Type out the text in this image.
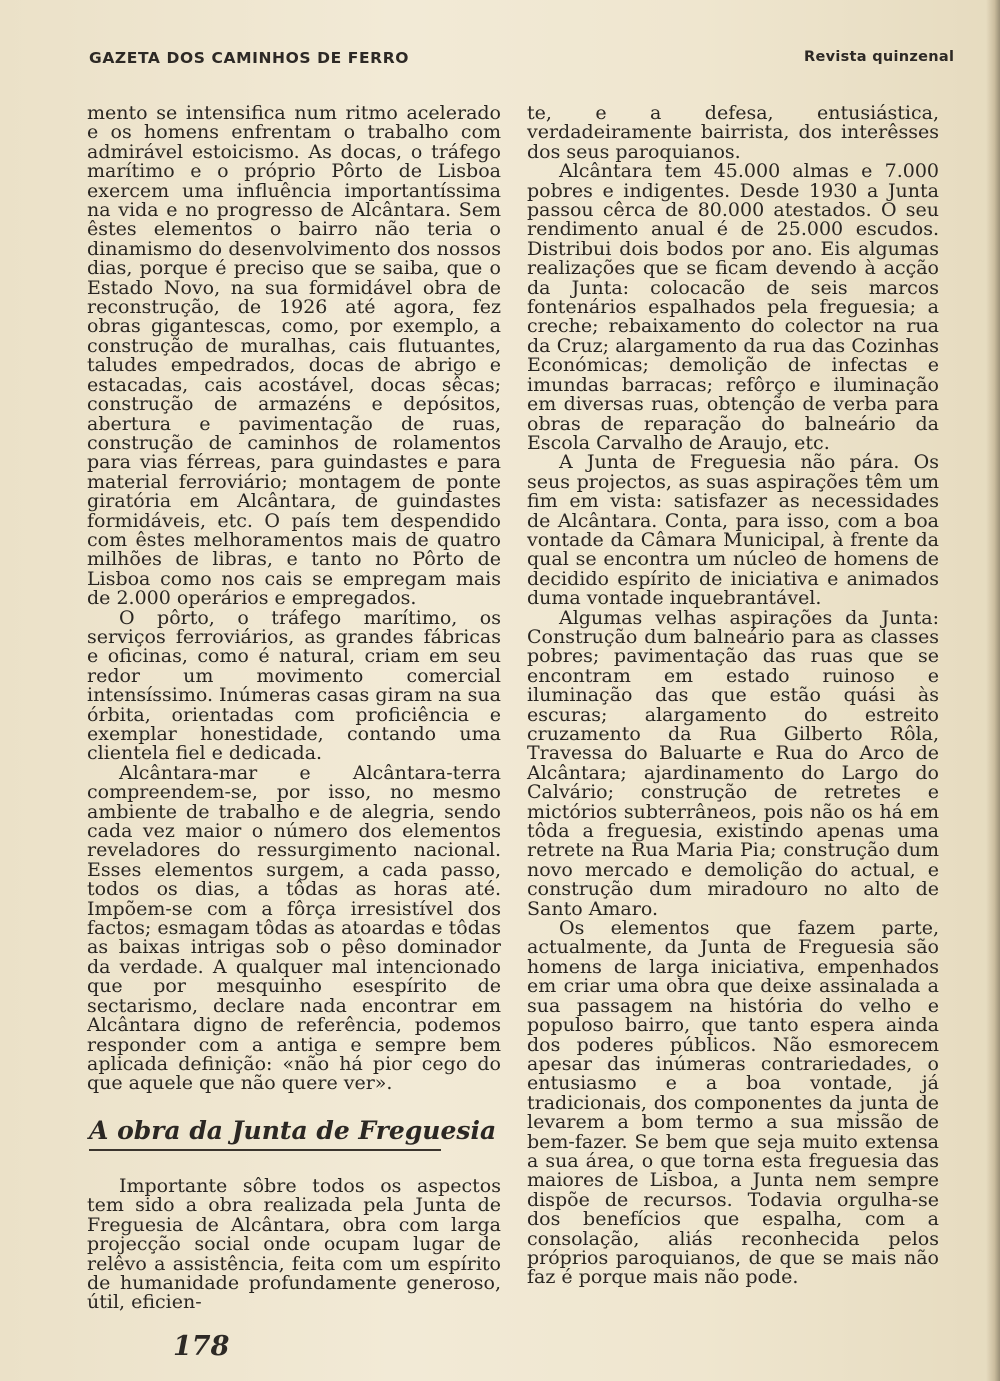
GAZETA DOS CAMINHOS DE FERRO	Revista quinzenal

mento se intensifica num ritmo acelerado e os homens enfrentam o trabalho com admirável estoicismo. As docas, o tráfego marítimo e o próprio Pôrto de Lisboa exercem uma influência importantíssima na vida e no progresso de Alcântara. Sem êstes elementos o bairro não teria o dinamismo do desenvolvimento dos nossos dias, porque é preciso que se saiba, que o Estado Novo, na sua formidável obra de reconstrução, de 1926 até agora, fez obras gigantescas, como, por exemplo, a construção de muralhas, cais flutuantes, taludes empedrados, docas de abrigo e estacadas, cais acostável, docas sêcas; construção de armazéns e depósitos, abertura e pavimentação de ruas, construção de caminhos de rolamentos para vias férreas, para guindastes e para material ferroviário; montagem de ponte giratória em Alcântara, de guindastes formidáveis, etc. O país tem despendido com êstes melhoramentos mais de quatro milhões de libras, e tanto no Pôrto de Lisboa como nos cais se empregam mais de 2.000 operários e empregados.

O pôrto, o tráfego marítimo, os serviços ferroviários, as grandes fábricas e oficinas, como é natural, criam em seu redor um movimento comercial intensíssimo. Inúmeras casas giram na sua órbita, orientadas com proficiência e exemplar honestidade, contando uma clientela fiel e dedicada.

Alcântara-mar e Alcântara-terra compreendem-se, por isso, no mesmo ambiente de trabalho e de alegria, sendo cada vez maior o número dos elementos reveladores do ressurgimento nacional. Esses elementos surgem, a cada passo, todos os dias, a tôdas as horas até. Impõem-se com a fôrça irresistível dos factos; esmagam tôdas as atoardas e tôdas as baixas intrigas sob o pêso dominador da verdade. A qualquer mal intencionado que por mesquinho esespírito de sectarismo, declare nada encontrar em Alcântara digno de referência, podemos responder com a antiga e sempre bem aplicada definição: «não há pior cego do que aquele que não quere ver».

A obra da Junta de Freguesia

Importante sôbre todos os aspectos tem sido a obra realizada pela Junta de Freguesia de Alcântara, obra com larga projecção social onde ocupam lugar de relêvo a assistência, feita com um espírito de humanidade profundamente generoso, útil, eficien-

te, e a defesa, entusiástica, verdadeiramente bairrista, dos interêsses dos seus paroquianos.

Alcântara tem 45.000 almas e 7.000 pobres e indigentes. Desde 1930 a Junta passou cêrca de 80.000 atestados. O seu rendimento anual é de 25.000 escudos. Distribui dois bodos por ano. Eis algumas realizações que se ficam devendo à acção da Junta: colocacão de seis marcos fontenários espalhados pela freguesia; a creche; rebaixamento do colector na rua da Cruz; alargamento da rua das Cozinhas Económicas; demolição de infectas e imundas barracas; refôrço e iluminação em diversas ruas, obtenção de verba para obras de reparação do balneário da Escola Carvalho de Araujo, etc.

A Junta de Freguesia não pára. Os seus projectos, as suas aspirações têm um fim em vista: satisfazer as necessidades de Alcântara. Conta, para isso, com a boa vontade da Câmara Municipal, à frente da qual se encontra um núcleo de homens de decidido espírito de iniciativa e animados duma vontade inquebrantável.

Algumas velhas aspirações da Junta: Construção dum balneário para as classes pobres; pavimentação das ruas que se encontram em estado ruinoso e iluminação das que estão quási às escuras; alargamento do estreito cruzamento da Rua Gilberto Rôla, Travessa do Baluarte e Rua do Arco de Alcântara; ajardinamento do Largo do Calvário; construção de retretes e mictórios subterrâneos, pois não os há em tôda a freguesia, existindo apenas uma retrete na Rua Maria Pia; construção dum novo mercado e demolição do actual, e construção dum miradouro no alto de Santo Amaro.

Os elementos que fazem parte, actualmente, da Junta de Freguesia são homens de larga iniciativa, empenhados em criar uma obra que deixe assinalada a sua passagem na história do velho e populoso bairro, que tanto espera ainda dos poderes públicos. Não esmorecem apesar das inúmeras contrariedades, o entusiasmo e a boa vontade, já tradicionais, dos componentes da junta de levarem a bom termo a sua missão de bem-fazer. Se bem que seja muito extensa a sua área, o que torna esta freguesia das maiores de Lisboa, a Junta nem sempre dispõe de recursos. Todavia orgulha-se dos benefícios que espalha, com a consolação, aliás reconhecida pelos próprios paroquianos, de que se mais não faz é porque mais não pode.

178
